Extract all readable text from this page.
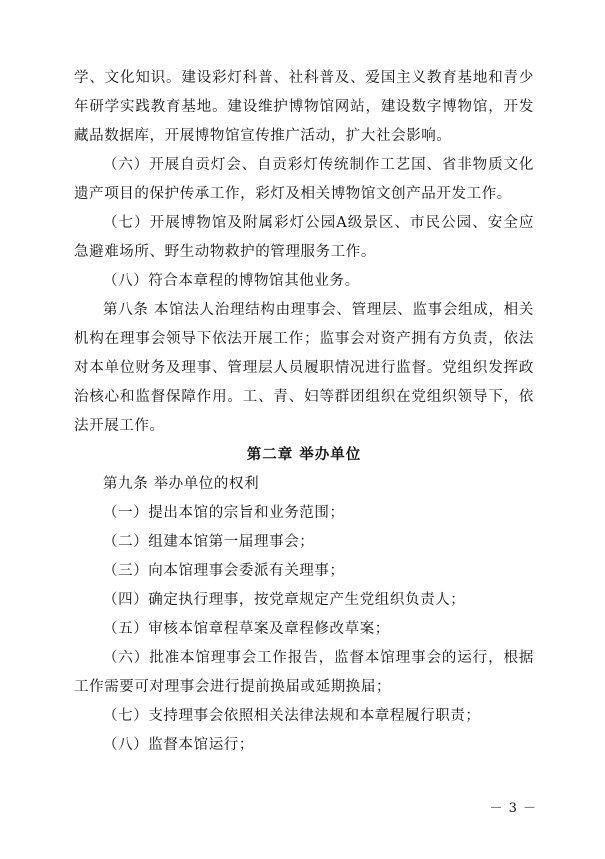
学、文化知识。建设彩灯科普、社科普及、爱国主义教育基地和青少年研学实践教育基地。建设维护博物馆网站，建设数字博物馆，开发藏品数据库，开展博物馆宣传推广活动，扩大社会影响。

（六）开展自贡灯会、自贡彩灯传统制作工艺国、省非物质文化遗产项目的保护传承工作，彩灯及相关博物馆文创产品开发工作。

（七）开展博物馆及附属彩灯公园A级景区、市民公园、安全应急避难场所、野生动物救护的管理服务工作。

（八）符合本章程的博物馆其他业务。

第八条 本馆法人治理结构由理事会、管理层、监事会组成，相关机构在理事会领导下依法开展工作；监事会对资产拥有方负责，依法对本单位财务及理事、管理层人员履职情况进行监督。党组织发挥政治核心和监督保障作用。工、青、妇等群团组织在党组织领导下，依法开展工作。

第二章 举办单位

第九条 举办单位的权利

（一）提出本馆的宗旨和业务范围；

（二）组建本馆第一届理事会；

（三）向本馆理事会委派有关理事；

（四）确定执行理事，按党章规定产生党组织负责人；

（五）审核本馆章程草案及章程修改草案；

（六）批准本馆理事会工作报告，监督本馆理事会的运行，根据工作需要可对理事会进行提前换届或延期换届；

（七）支持理事会依照相关法律法规和本章程履行职责；

（八）监督本馆运行；

－ 3 －
